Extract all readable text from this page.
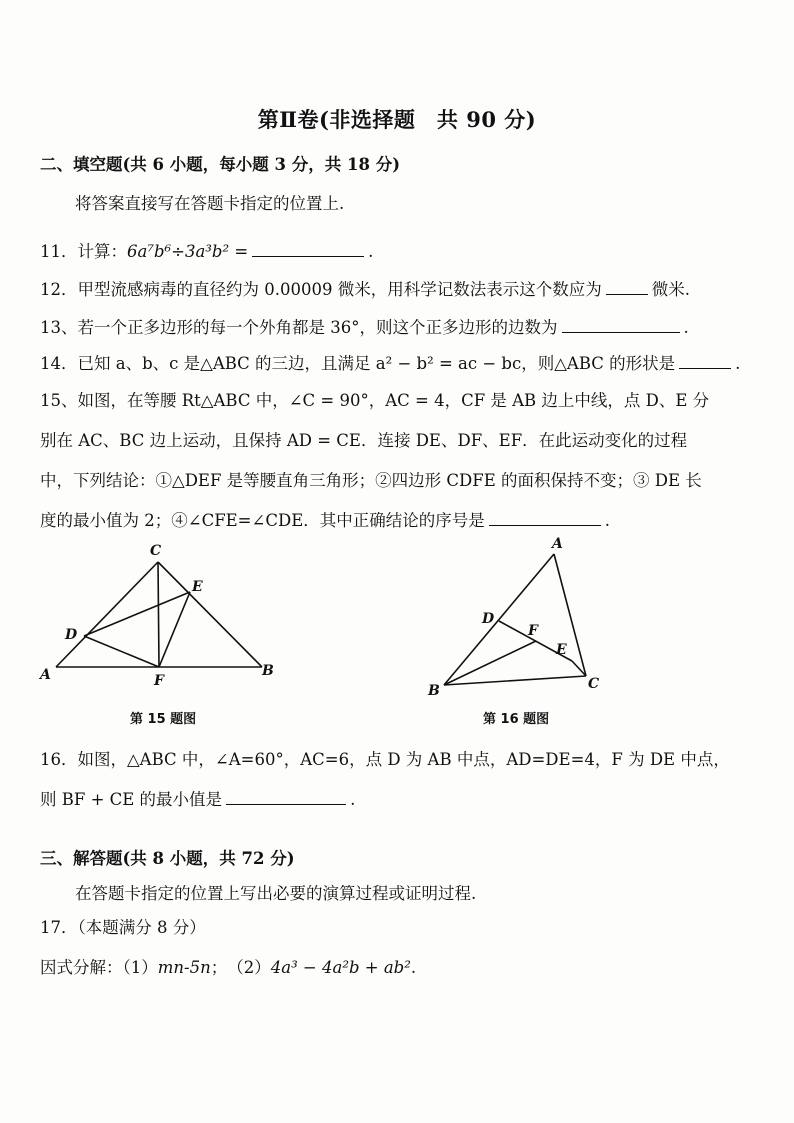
第Ⅱ卷(非选择题　共 90 分)
二、填空题(共 6 小题，每小题 3 分，共 18 分)
将答案直接写在答题卡指定的位置上.
11．计算：6a⁷b⁶÷3a³b² =	.
12．甲型流感病毒的直径约为 0.00009 微米，用科学记数法表示这个数应为	微米.
13、若一个正多边形的每一个外角都是 36°，则这个正多边形的边数为	.
14．已知 a、b、c 是△ABC 的三边，且满足 a² − b² = ac − bc，则△ABC 的形状是	.
15、如图，在等腰 Rt△ABC 中，∠C = 90°，AC = 4，CF 是 AB 边上中线，点 D、E 分
别在 AC、BC 边上运动，且保持 AD = CE．连接 DE、DF、EF．在此运动变化的过程
中，下列结论：①△DEF 是等腰直角三角形；②四边形 CDFE 的面积保持不变；③ DE 长
度的最小值为 2；④∠CFE=∠CDE．其中正确结论的序号是	.
C
E
D
A	F
B
第 15 题图
A
D
F
E
B	C
第 16 题图
16．如图，△ABC 中，∠A=60°，AC=6，点 D 为 AB 中点，AD=DE=4，F 为 DE 中点，
则 BF + CE 的最小值是	.
三、解答题(共 8 小题，共 72 分)
在答题卡指定的位置上写出必要的演算过程或证明过程.
17．（本题满分 8 分）
因式分解：（1）mn-5n；　（2）4a³ − 4a²b + ab².
